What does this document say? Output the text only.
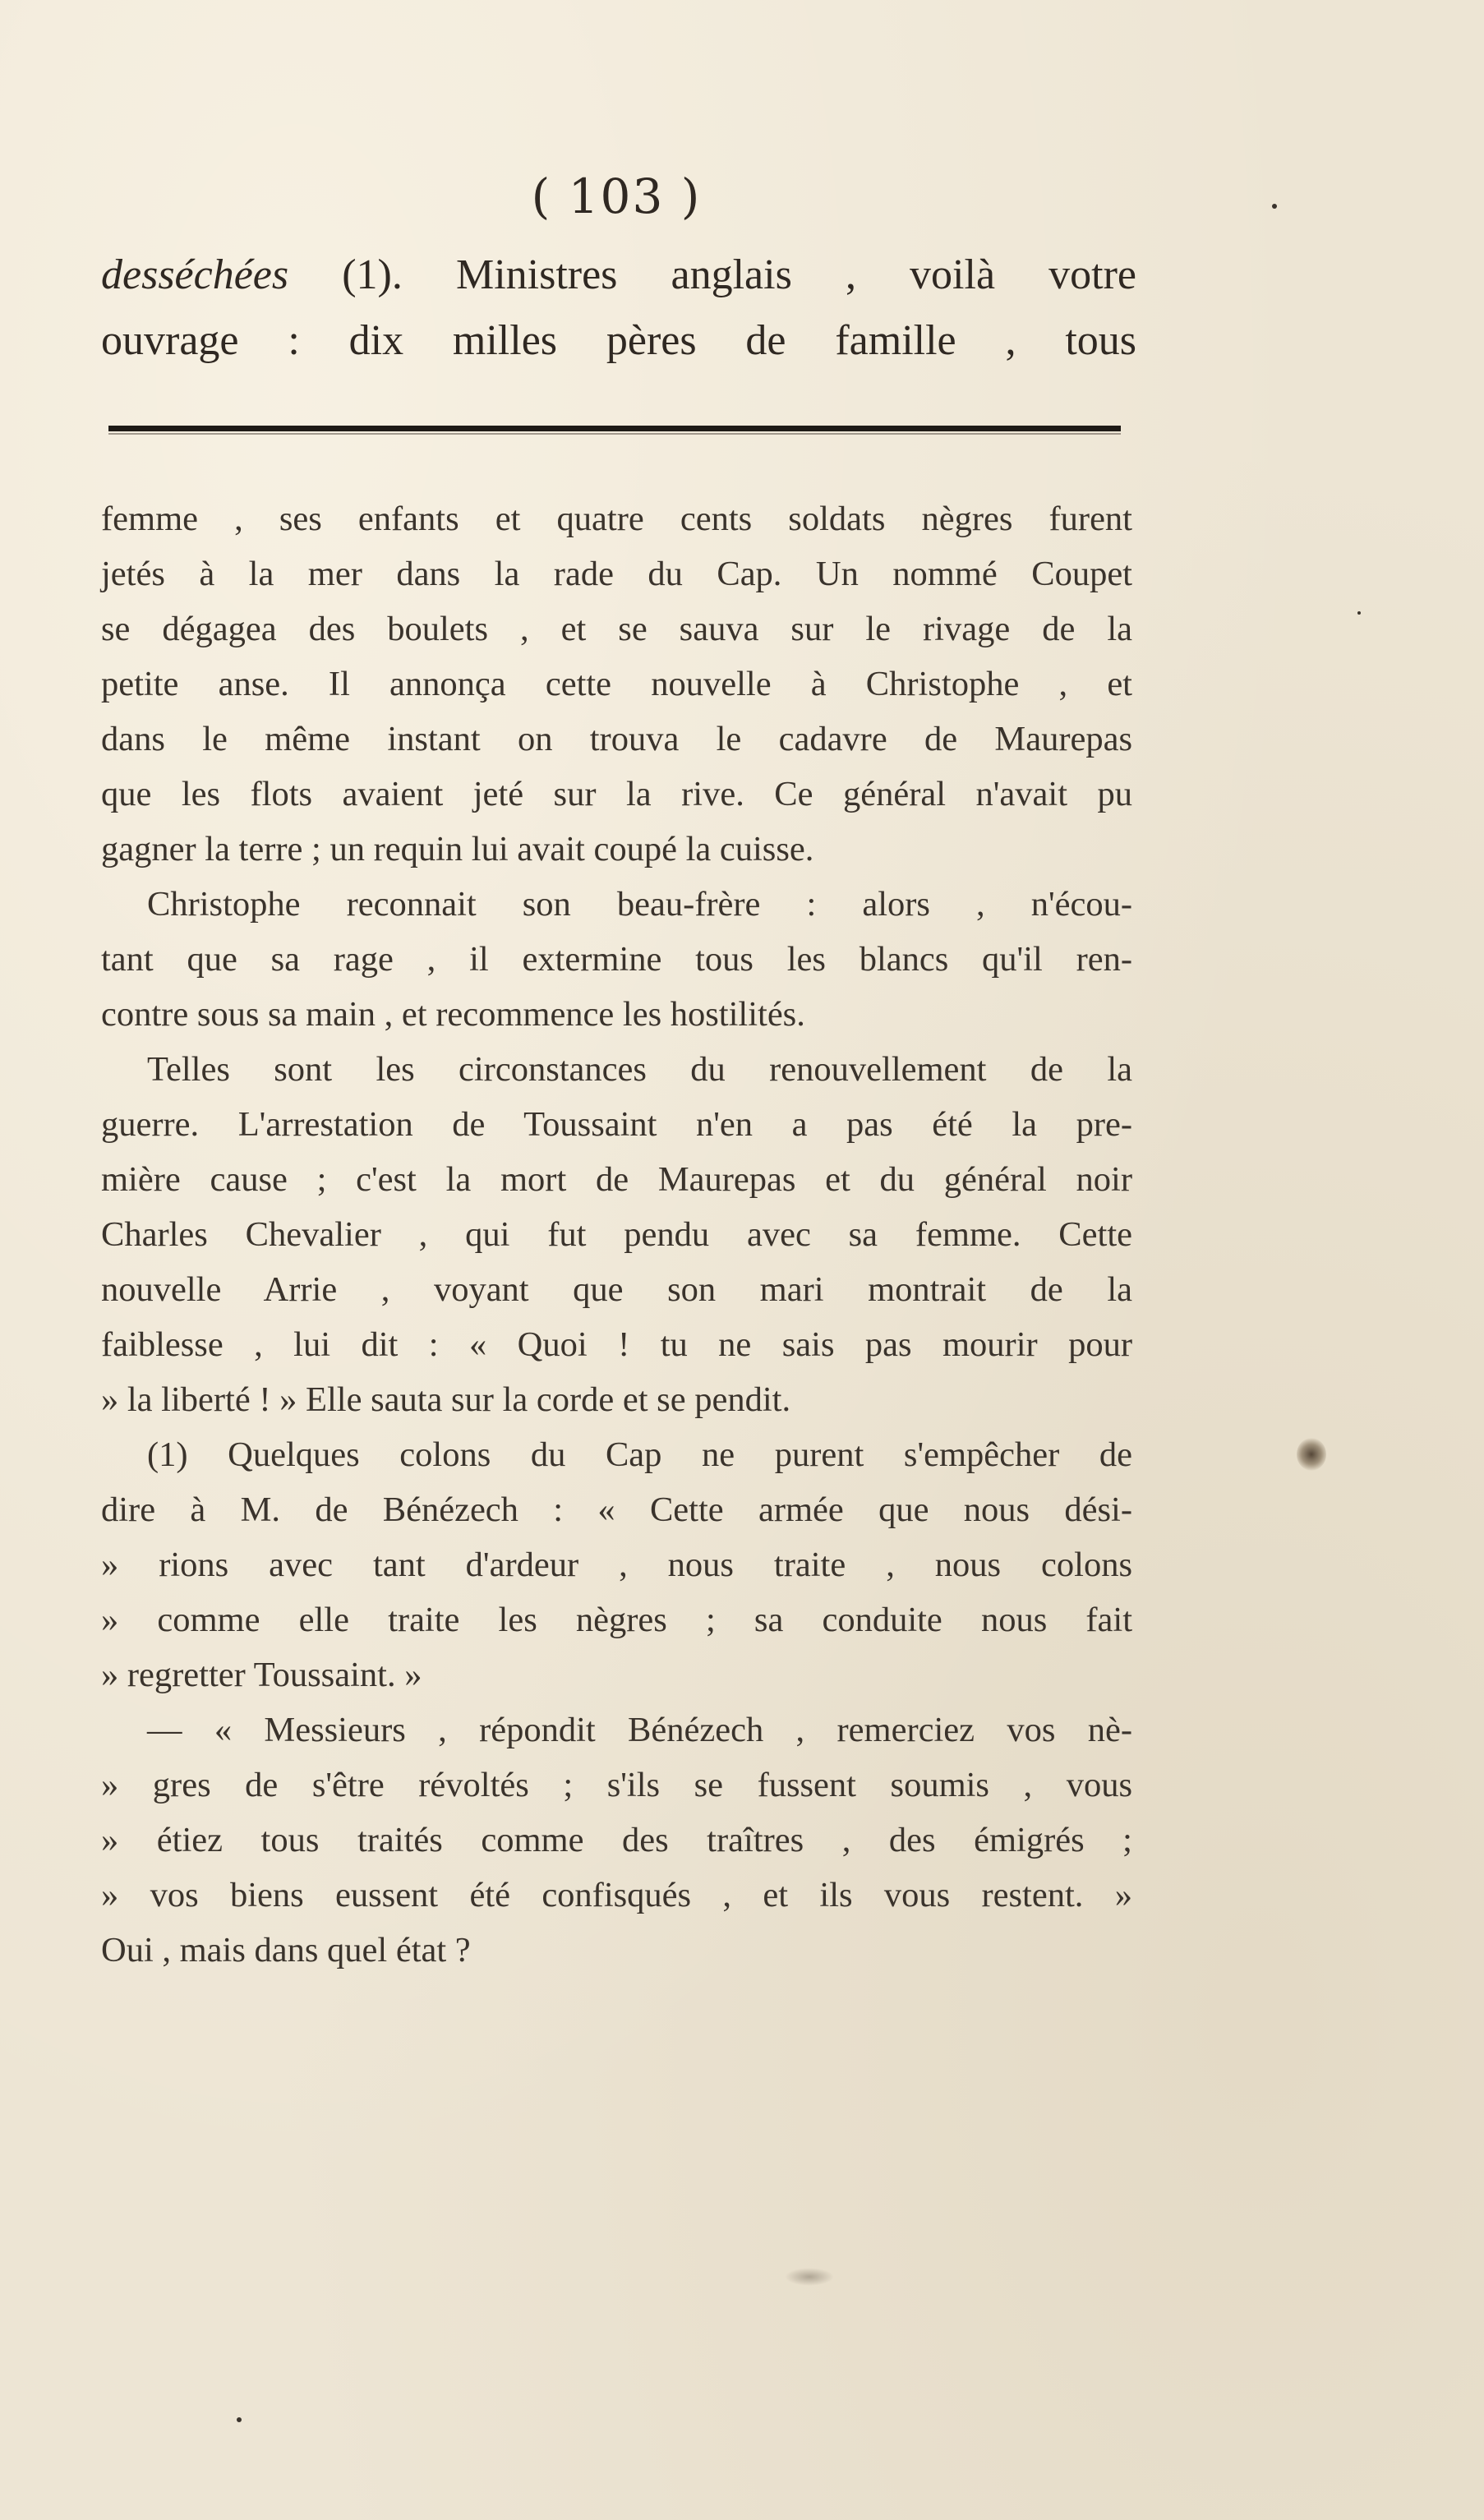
( 103 )
desséchées (1). Ministres anglais , voilà votre
ouvrage : dix milles pères de famille , tous
femme , ses enfants et quatre cents soldats nègres furent
jetés à la mer dans la rade du Cap. Un nommé Coupet
se dégagea des boulets , et se sauva sur le rivage de la
petite anse. Il annonça cette nouvelle à Christophe , et
dans le même instant on trouva le cadavre de Maurepas
que les flots avaient jeté sur la rive. Ce général n'avait pu
gagner la terre ; un requin lui avait coupé la cuisse.
Christophe reconnait son beau-frère : alors , n'écou-
tant que sa rage , il extermine tous les blancs qu'il ren-
contre sous sa main , et recommence les hostilités.
Telles sont les circonstances du renouvellement de la
guerre. L'arrestation de Toussaint n'en a pas été la pre-
mière cause ; c'est la mort de Maurepas et du général noir
Charles Chevalier , qui fut pendu avec sa femme. Cette
nouvelle Arrie , voyant que son mari montrait de la
faiblesse , lui dit : « Quoi ! tu ne sais pas mourir pour
» la liberté ! » Elle sauta sur la corde et se pendit.
(1) Quelques colons du Cap ne purent s'empêcher de
dire à M. de Bénézech : « Cette armée que nous dési-
» rions avec tant d'ardeur , nous traite , nous colons
» comme elle traite les nègres ; sa conduite nous fait
» regretter Toussaint. »
— « Messieurs , répondit Bénézech , remerciez vos nè-
» gres de s'être révoltés ; s'ils se fussent soumis , vous
» étiez tous traités comme des traîtres , des émigrés ;
» vos biens eussent été confisqués , et ils vous restent. »
Oui , mais dans quel état ?
